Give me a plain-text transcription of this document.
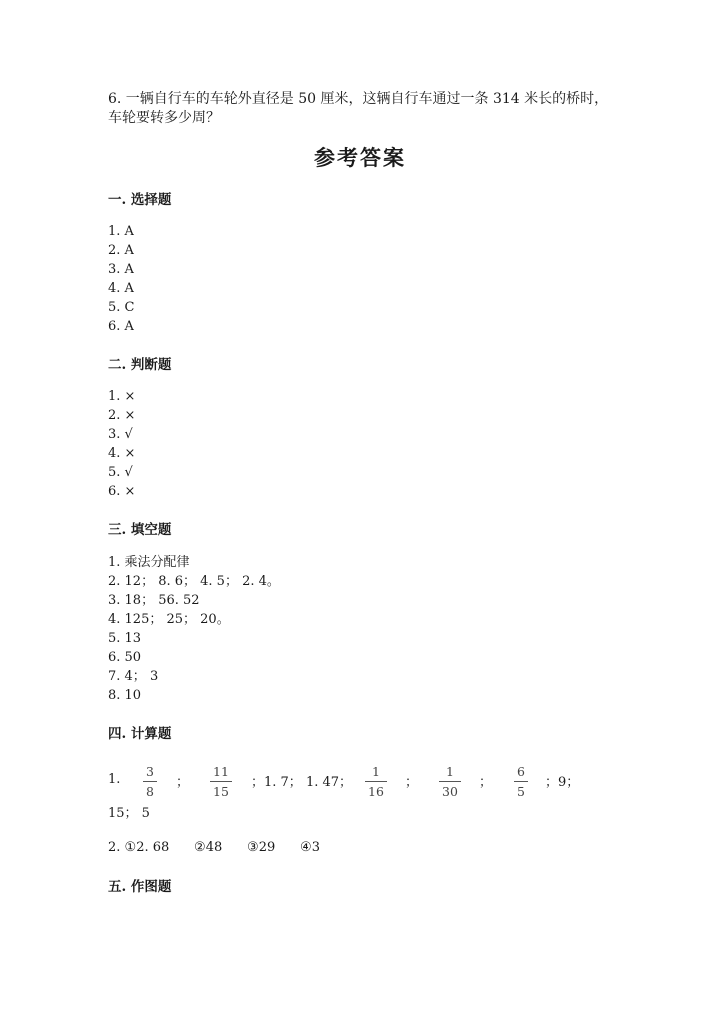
6. 一辆自行车的车轮外直径是 50 厘米，这辆自行车通过一条 314 米长的桥时，
车轮要转多少周？
参考答案
一. 选择题
1. A
2. A
3. A
4. A
5. C
6. A
二. 判断题
1. ×
2. ×
3. √
4. ×
5. √
6. ×
三. 填空题
1. 乘法分配律
2. 12； 8. 6； 4. 5； 2. 4。
3. 18； 56. 52
4. 125； 25； 20。
5. 13
6. 50
7. 4； 3
8. 10
四. 计算题
1.
3
8
；
11
15
；1. 7； 1. 47；
1
16
；
1
30
；
6
5
；9；
15； 5
2. ①2. 68      ②48      ③29      ④3
五. 作图题
